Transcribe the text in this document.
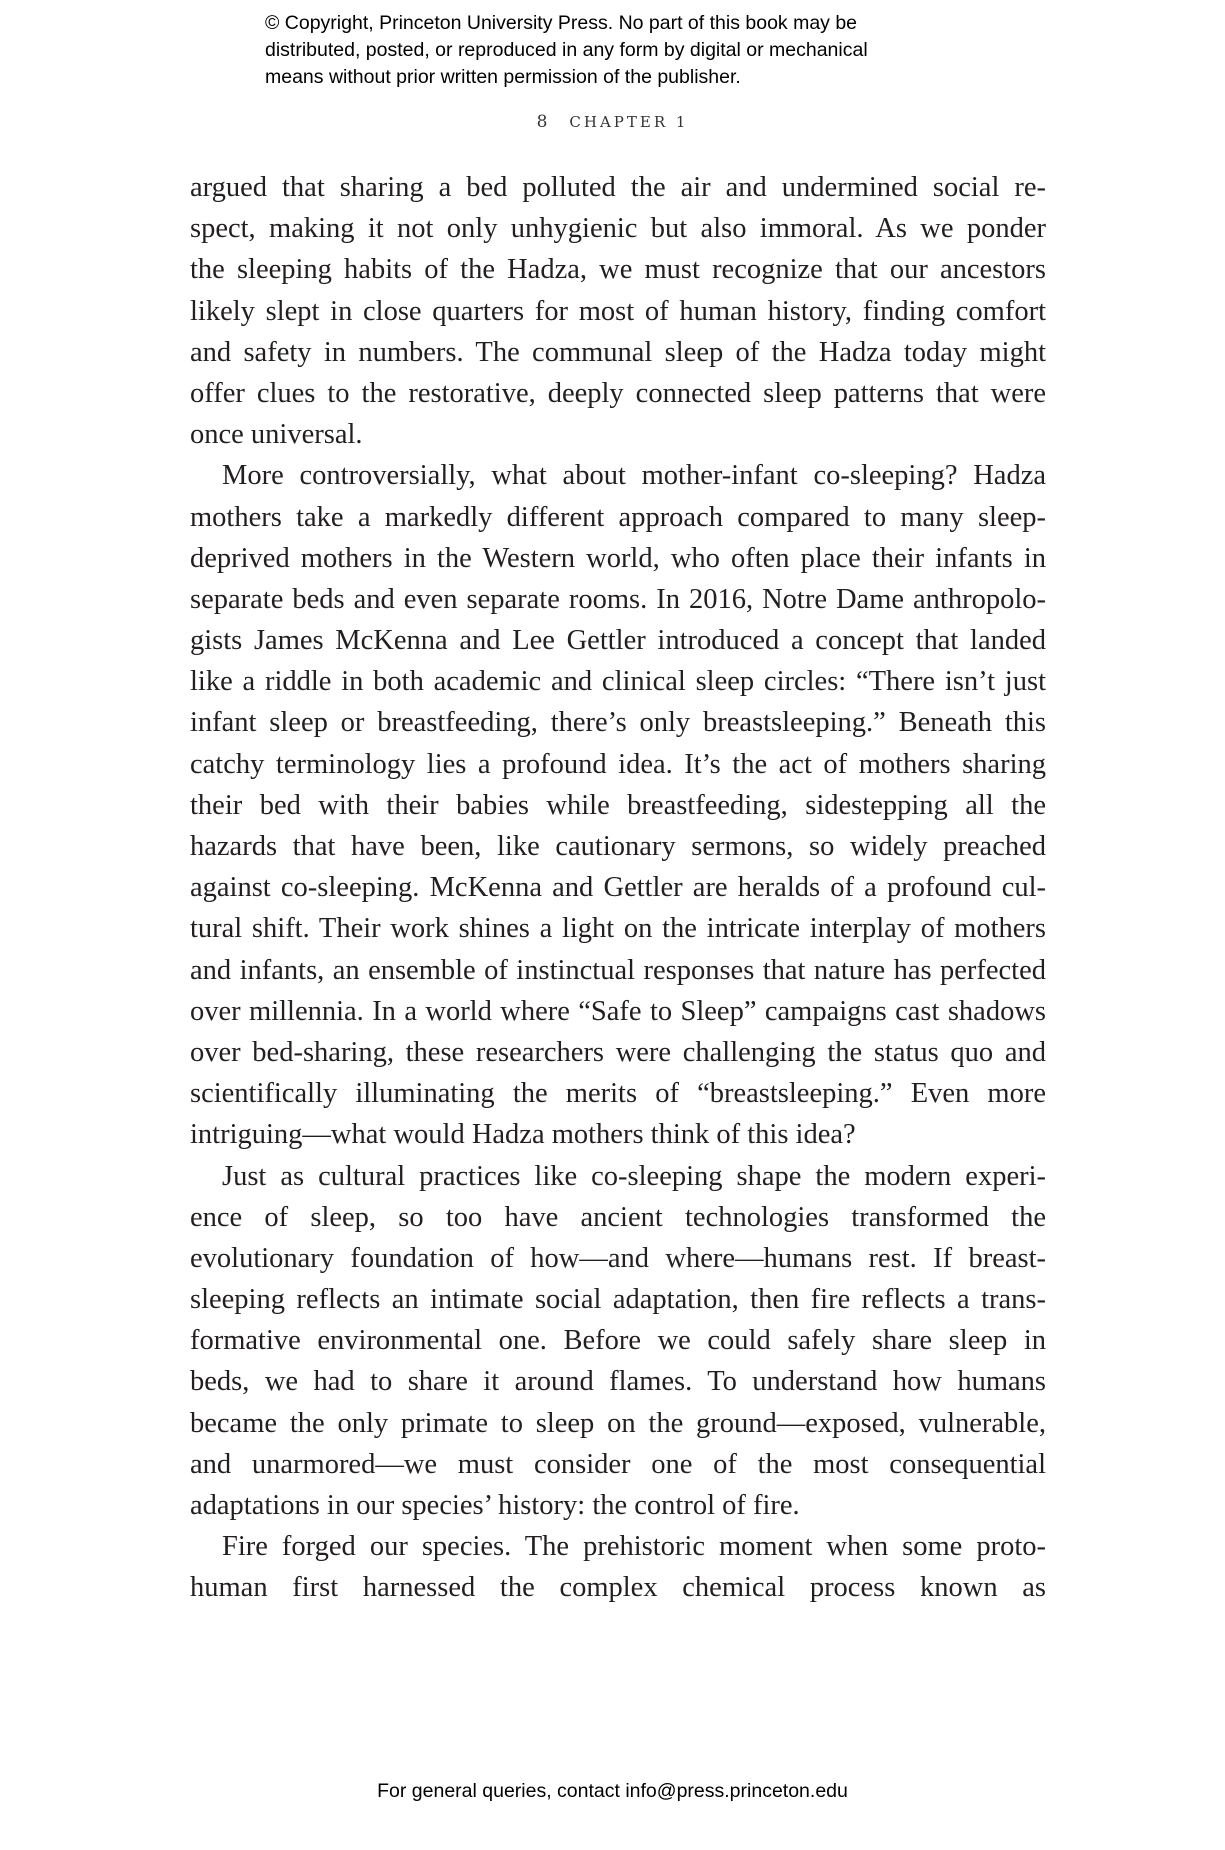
© Copyright, Princeton University Press. No part of this book may be
distributed, posted, or reproduced in any form by digital or mechanical
means without prior written permission of the publisher.
8 CHAPTER 1
argued that sharing a bed polluted the air and undermined social re-
spect, making it not only unhygienic but also immoral. As we ponder
the sleeping habits of the Hadza, we must recognize that our ancestors
likely slept in close quarters for most of human history, finding comfort
and safety in numbers. The communal sleep of the Hadza today might
offer clues to the restorative, deeply connected sleep patterns that were
once universal.
More controversially, what about mother-infant co-sleeping? Hadza
mothers take a markedly different approach compared to many sleep-
deprived mothers in the Western world, who often place their infants in
separate beds and even separate rooms. In 2016, Notre Dame anthropolo-
gists James McKenna and Lee Gettler introduced a concept that landed
like a riddle in both academic and clinical sleep circles: “There isn’t just
infant sleep or breastfeeding, there’s only breastsleeping.” Beneath this
catchy terminology lies a profound idea. It’s the act of mothers sharing
their bed with their babies while breastfeeding, sidestepping all the
hazards that have been, like cautionary sermons, so widely preached
against co-sleeping. McKenna and Gettler are heralds of a profound cul-
tural shift. Their work shines a light on the intricate interplay of mothers
and infants, an ensemble of instinctual responses that nature has perfected
over millennia. In a world where “Safe to Sleep” campaigns cast shadows
over bed-sharing, these researchers were challenging the status quo and
scientifically illuminating the merits of “breastsleeping.” Even more
intriguing—what would Hadza mothers think of this idea?
Just as cultural practices like co-sleeping shape the modern experi-
ence of sleep, so too have ancient technologies transformed the
evolutionary foundation of how—and where—humans rest. If breast-
sleeping reflects an intimate social adaptation, then fire reflects a trans-
formative environmental one. Before we could safely share sleep in
beds, we had to share it around flames. To understand how humans
became the only primate to sleep on the ground—exposed, vulnerable,
and unarmored—we must consider one of the most consequential
adaptations in our species’ history: the control of fire.
Fire forged our species. The prehistoric moment when some proto-
human first harnessed the complex chemical process known as
For general queries, contact info@press.princeton.edu
